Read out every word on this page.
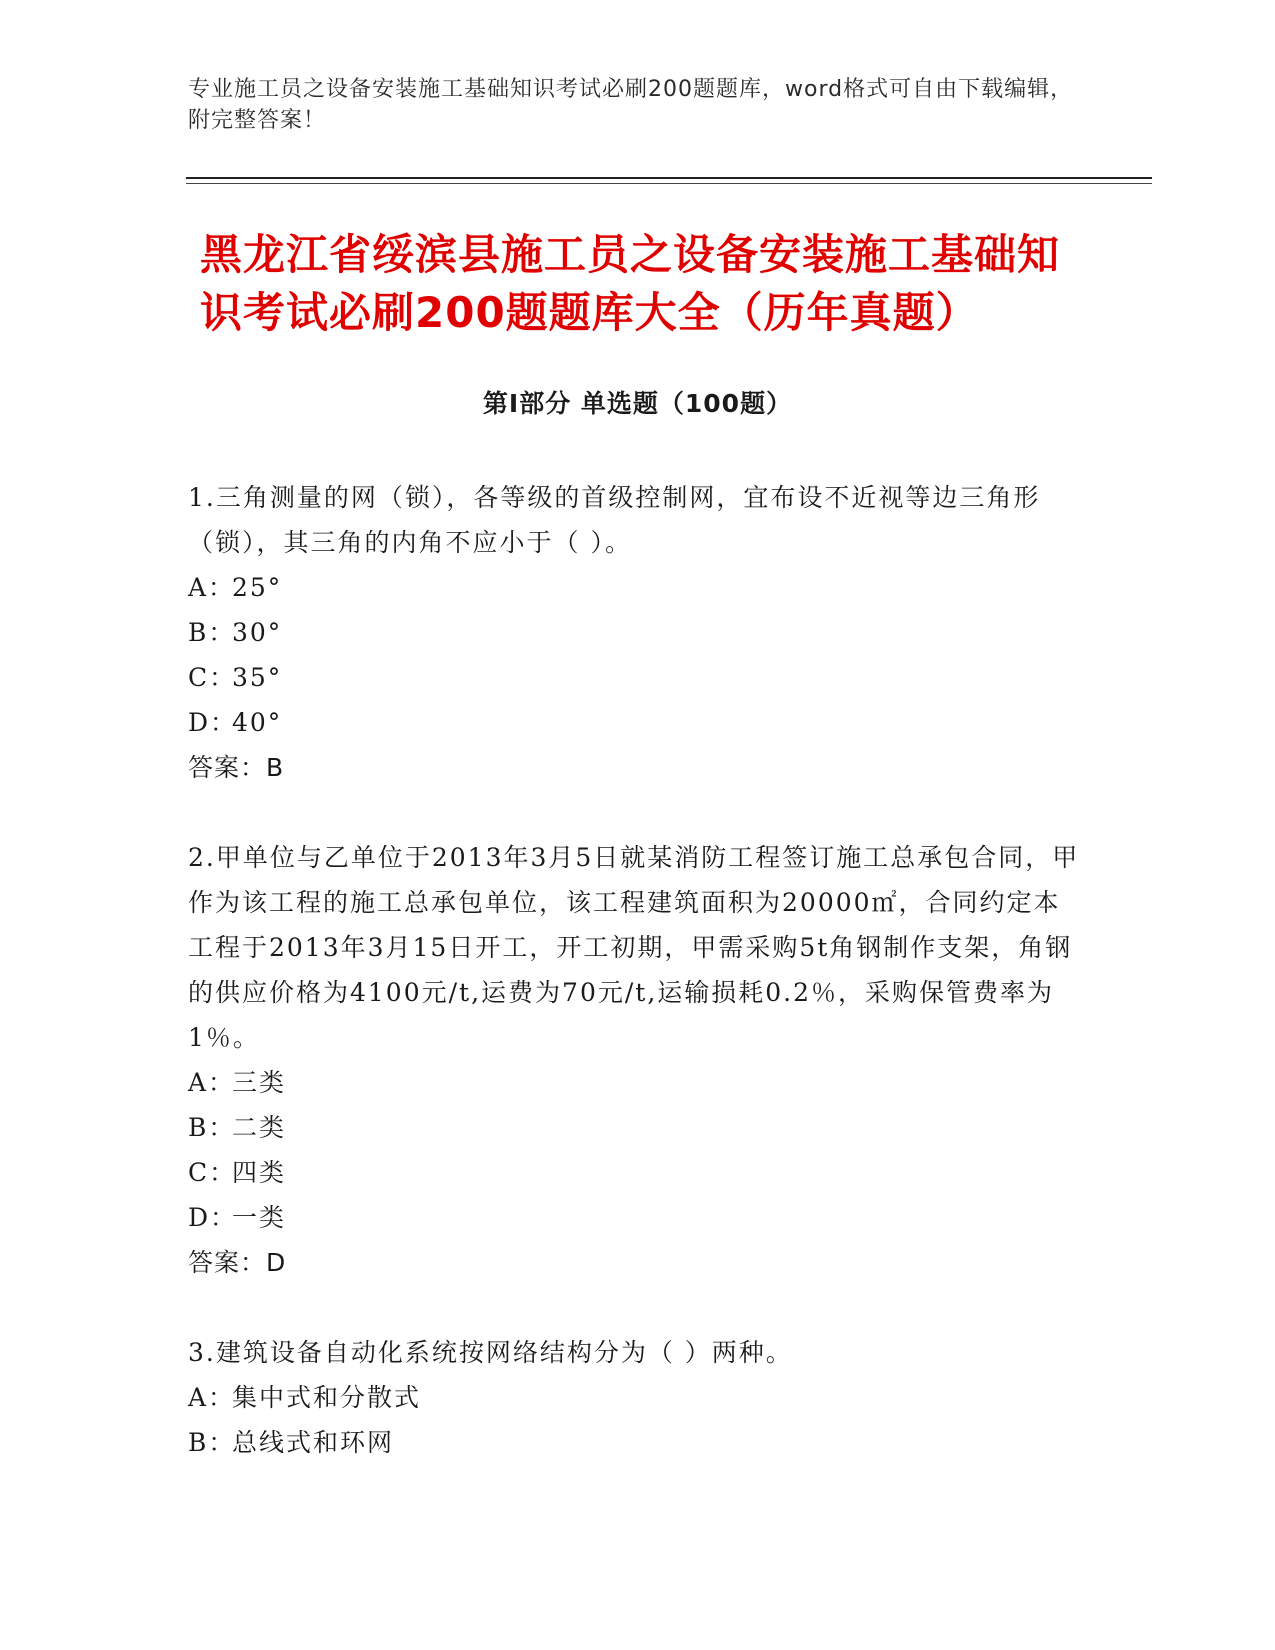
专业施工员之设备安装施工基础知识考试必刷200题题库，word格式可自由下载编辑，附完整答案！
黑龙江省绥滨县施工员之设备安装施工基础知识考试必刷200题题库大全（历年真题）
第Ⅰ部分 单选题（100题）

1.三角测量的网（锁），各等级的首级控制网，宜布设不近视等边三角形（锁），其三角的内角不应小于（ ）。

A：
25°
B：
30°
C：
35°
D：
40°

答案：B

2.甲单位与乙单位于2013年3月5日就某消防工程签订施工总承包合同，甲作为该工程的施工总承包单位，该工程建筑面积为20000㎡，合同约定本工程于2013年3月15日开工，开工初期，甲需采购5t角钢制作支架，角钢的供应价格为4100元/t,运费为70元/t,运输损耗0.2％，采购保管费率为1％。

A：
三类
B：
二类
C：
四类
D：
一类

答案：D

3.建筑设备自动化系统按网络结构分为（ ）两种。

A：
集中式和分散式
B：
总线式和环网
